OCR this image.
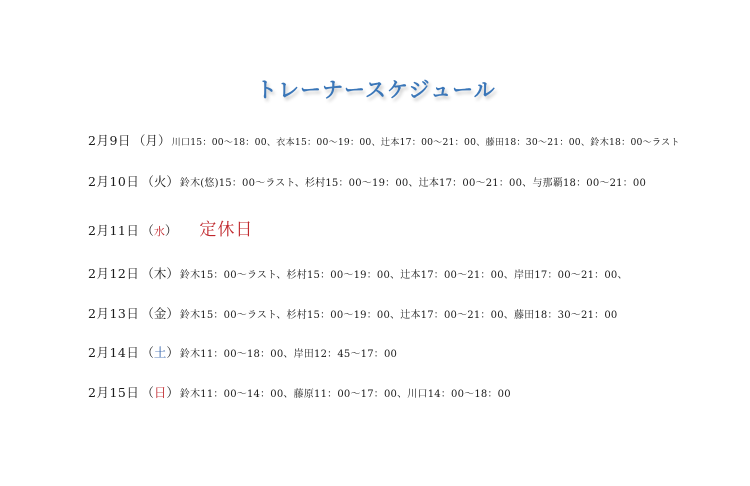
トレーナースケジュール
2月9日 （月） 川口15：00〜18：00、衣本15：00〜19：00、辻本17：00〜21：00、藤田18：30〜21：00、鈴木18：00〜ラスト
2月10日 （火） 鈴木(悠)15：00〜ラスト、杉村15：00〜19：00、辻本17：00〜21：00、与那覇18：00〜21：00
2月11日 （水） 定休日
2月12日 （木） 鈴木15：00〜ラスト、杉村15：00〜19：00、辻本17：00〜21：00、岸田17：00〜21：00、
2月13日 （金） 鈴木15：00〜ラスト、杉村15：00〜19：00、辻本17：00〜21：00、藤田18：30〜21：00
2月14日 （土） 鈴木11：00〜18：00、岸田12：45〜17：00
2月15日 （日） 鈴木11：00〜14：00、藤原11：00〜17：00、川口14：00〜18：00
